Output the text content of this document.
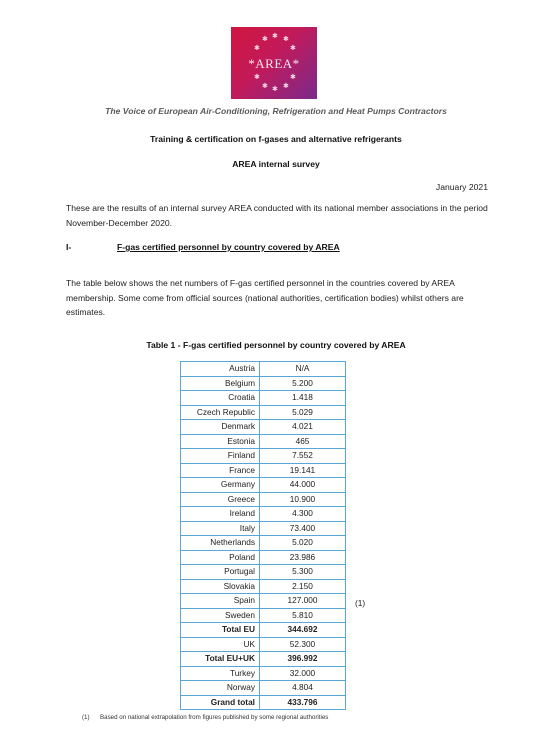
✱ ✱ ✱
✱	✱
✱	✱
✱ ✱ ✱
*AREA*
The Voice of European Air-Conditioning, Refrigeration and Heat Pumps Contractors
Training & certification on f-gases and alternative refrigerants
AREA internal survey
January 2021
These are the results of an internal survey AREA conducted with its national member associations in the period November-December 2020.
I-	F-gas certified personnel by country covered by AREA
The table below shows the net numbers of F-gas certified personnel in the countries covered by AREA membership. Some come from official sources (national authorities, certification bodies) whilst others are estimates.
Table 1 - F-gas certified personnel by country covered by AREA
Austria	N/A
Belgium	5.200
Croatia	1.418
Czech Republic	5.029
Denmark	4.021
Estonia	465
Finland	7.552
France	19.141
Germany	44.000
Greece	10.900
Ireland	4.300
Italy	73.400
Netherlands	5.020
Poland	23.986
Portugal	5.300
Slovakia	2.150
Spain	127.000
Sweden	5.810
Total EU	344.692
UK	52.300
Total EU+UK	396.992
Turkey	32.000
Norway	4.804
Grand total	433.796
(1)
(1) Based on national extrapolation from figures published by some regional authorities
